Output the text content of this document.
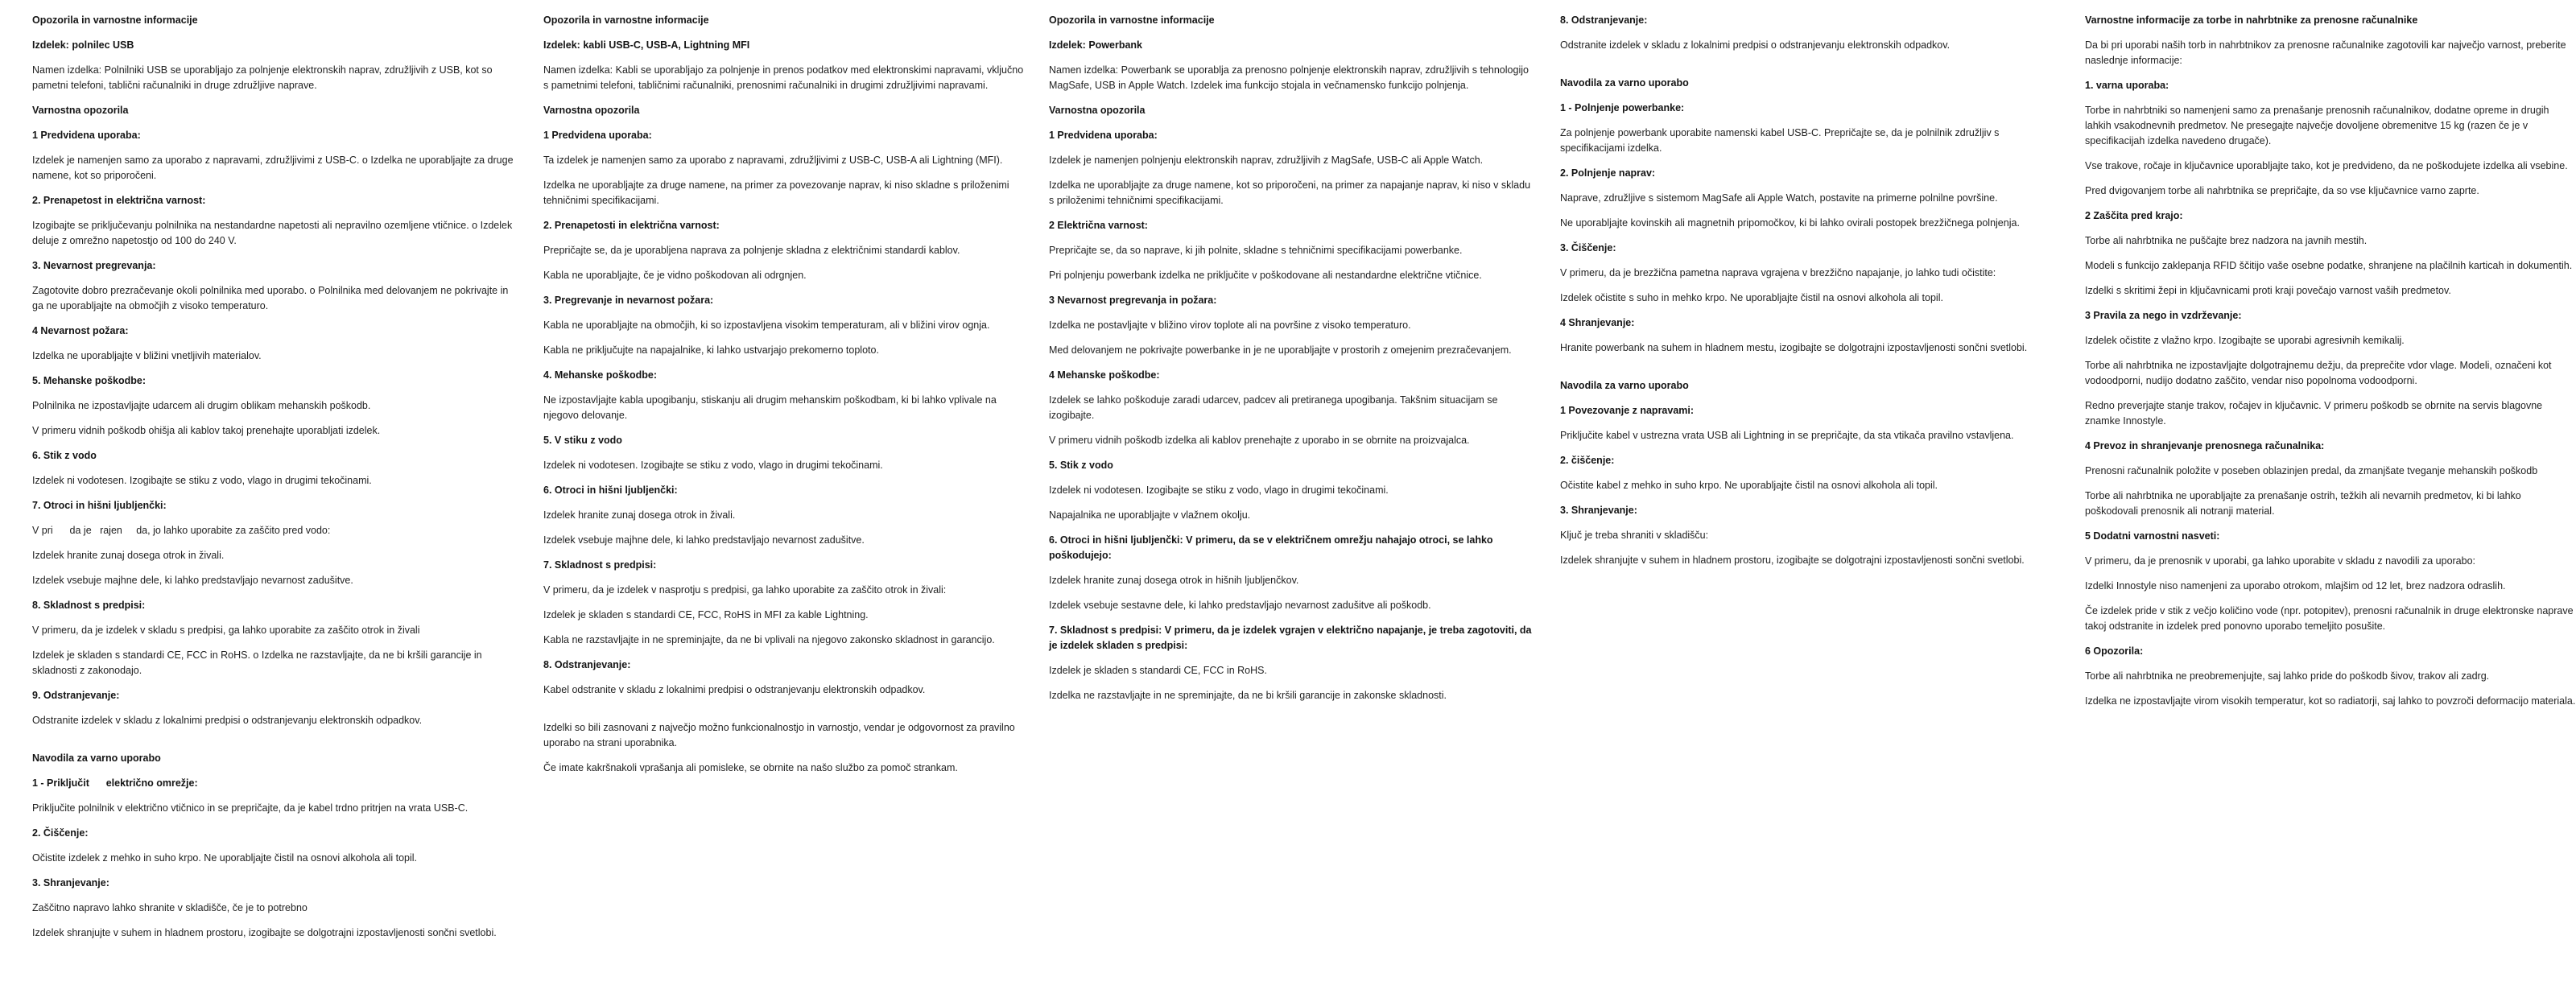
Opozorila in varnostne informacije

Izdelek: polnilec USB

Namen izdelka: Polnilniki USB se uporabljajo za polnjenje elektronskih naprav, združljivih z USB, kot so pametni telefoni, tablični računalniki in druge združljive naprave.

Varnostna opozorila

1 Predvidena uporaba:

Izdelek je namenjen samo za uporabo z napravami, združljivimi z USB-C. o Izdelka ne uporabljajte za druge namene, kot so priporočeni.

2. Prenapetost in električna varnost:

Izogibajte se priključevanju polnilnika na nestandardne napetosti ali nepravilno ozemljene vtičnice. o Izdelek deluje z omrežno napetostjo od 100 do 240 V.

3. Nevarnost pregrevanja:

Zagotovite dobro prezračevanje okoli polnilnika med uporabo. o Polnilnika med delovanjem ne pokrivajte in ga ne uporabljajte na območjih z visoko temperaturo.

4 Nevarnost požara:

Izdelka ne uporabljajte v bližini vnetljivih materialov.

5. Mehanske poškodbe:

Polnilnika ne izpostavljajte udarcem ali drugim oblikam mehanskih poškodb.

V primeru vidnih poškodb ohišja ali kablov takoj prenehajte uporabljati izdelek.

6. Stik z vodo

Izdelek ni vodotesen. Izogibajte se stiku z vodo, vlago in drugimi tekočinami.

7. Otroci in hišni ljubljenčki:

V pri      da je   rajen     da, jo lahko uporabite za zaščito pred vodo:

Izdelek hranite zunaj dosega otrok in živali.

Izdelek vsebuje majhne dele, ki lahko predstavljajo nevarnost zadušitve.

8. Skladnost s predpisi:

V primeru, da je izdelek v skladu s predpisi, ga lahko uporabite za zaščito otrok in živali

Izdelek je skladen s standardi CE, FCC in RoHS. o Izdelka ne razstavljajte, da ne bi kršili garancije in skladnosti z zakonodajo.

9. Odstranjevanje:

Odstranite izdelek v skladu z lokalnimi predpisi o odstranjevanju elektronskih odpadkov.

Navodila za varno uporabo

1 - Priključit      električno omrežje:

Priključite polnilnik v električno vtičnico in se prepričajte, da je kabel trdno pritrjen na vrata USB-C.

2. Čiščenje:

Očistite izdelek z mehko in suho krpo. Ne uporabljajte čistil na osnovi alkohola ali topil.

3. Shranjevanje:

Zaščitno napravo lahko shranite v skladišče, če je to potrebno

Izdelek shranjujte v suhem in hladnem prostoru, izogibajte se dolgotrajni izpostavljenosti sončni svetlobi.

Opozorila in varnostne informacije

Izdelek: kabli USB-C, USB-A, Lightning MFI

Namen izdelka: Kabli se uporabljajo za polnjenje in prenos podatkov med elektronskimi napravami, vključno s pametnimi telefoni, tabličnimi računalniki, prenosnimi računalniki in drugimi združljivimi napravami.

Varnostna opozorila

1 Predvidena uporaba:

Ta izdelek je namenjen samo za uporabo z napravami, združljivimi z USB-C, USB-A ali Lightning (MFI).

Izdelka ne uporabljajte za druge namene, na primer za povezovanje naprav, ki niso skladne s priloženimi tehničnimi specifikacijami.

2. Prenapetosti in električna varnost:

Prepričajte se, da je uporabljena naprava za polnjenje skladna z električnimi standardi kablov.

Kabla ne uporabljajte, če je vidno poškodovan ali odrgnjen.

3. Pregrevanje in nevarnost požara:

Kabla ne uporabljajte na območjih, ki so izpostavljena visokim temperaturam, ali v bližini virov ognja.

Kabla ne priključujte na napajalnike, ki lahko ustvarjajo prekomerno toploto.

4. Mehanske poškodbe:

Ne izpostavljajte kabla upogibanju, stiskanju ali drugim mehanskim poškodbam, ki bi lahko vplivale na njegovo delovanje.

5. V stiku z vodo

Izdelek ni vodotesen. Izogibajte se stiku z vodo, vlago in drugimi tekočinami.

6. Otroci in hišni ljubljenčki:

Izdelek hranite zunaj dosega otrok in živali.

Izdelek vsebuje majhne dele, ki lahko predstavljajo nevarnost zadušitve.

7. Skladnost s predpisi:

V primeru, da je izdelek v nasprotju s predpisi, ga lahko uporabite za zaščito otrok in živali:

Izdelek je skladen s standardi CE, FCC, RoHS in MFI za kable Lightning.

Kabla ne razstavljajte in ne spreminjajte, da ne bi vplivali na njegovo zakonsko skladnost in garancijo.

8. Odstranjevanje:

Kabel odstranite v skladu z lokalnimi predpisi o odstranjevanju elektronskih odpadkov.

Izdelki so bili zasnovani z največjo možno funkcionalnostjo in varnostjo, vendar je odgovornost za pravilno uporabo na strani uporabnika.

Če imate kakršnakoli vprašanja ali pomisleke, se obrnite na našo službo za pomoč strankam.

Opozorila in varnostne informacije

Izdelek: Powerbank

Namen izdelka: Powerbank se uporablja za prenosno polnjenje elektronskih naprav, združljivih s tehnologijo MagSafe, USB in Apple Watch. Izdelek ima funkcijo stojala in večnamensko funkcijo polnjenja.

Varnostna opozorila

1 Predvidena uporaba:

Izdelek je namenjen polnjenju elektronskih naprav, združljivih z MagSafe, USB-C ali Apple Watch.

Izdelka ne uporabljajte za druge namene, kot so priporočeni, na primer za napajanje naprav, ki niso v skladu s priloženimi tehničnimi specifikacijami.

2 Električna varnost:

Prepričajte se, da so naprave, ki jih polnite, skladne s tehničnimi specifikacijami powerbanke.

Pri polnjenju powerbank izdelka ne priključite v poškodovane ali nestandardne električne vtičnice.

3 Nevarnost pregrevanja in požara:

Izdelka ne postavljajte v bližino virov toplote ali na površine z visoko temperaturo.

Med delovanjem ne pokrivajte powerbanke in je ne uporabljajte v prostorih z omejenim prezračevanjem.

4 Mehanske poškodbe:

Izdelek se lahko poškoduje zaradi udarcev, padcev ali pretiranega upogibanja. Takšnim situacijam se izogibajte.

V primeru vidnih poškodb izdelka ali kablov prenehajte z uporabo in se obrnite na proizvajalca.

5. Stik z vodo

Izdelek ni vodotesen. Izogibajte se stiku z vodo, vlago in drugimi tekočinami.

Napajalnika ne uporabljajte v vlažnem okolju.

6. Otroci in hišni ljubljenčki: V primeru, da se v električnem omrežju nahajajo otroci, se lahko poškodujejo:

Izdelek hranite zunaj dosega otrok in hišnih ljubljenčkov.

Izdelek vsebuje sestavne dele, ki lahko predstavljajo nevarnost zadušitve ali poškodb.

7. Skladnost s predpisi: V primeru, da je izdelek vgrajen v električno napajanje, je treba zagotoviti, da je izdelek skladen s predpisi:

Izdelek je skladen s standardi CE, FCC in RoHS.

Izdelka ne razstavljajte in ne spreminjajte, da ne bi kršili garancije in zakonske skladnosti.

8. Odstranjevanje:

Odstranite izdelek v skladu z lokalnimi predpisi o odstranjevanju elektronskih odpadkov.

Navodila za varno uporabo

1 - Polnjenje powerbanke:

Za polnjenje powerbank uporabite namenski kabel USB-C. Prepričajte se, da je polnilnik združljiv s specifikacijami izdelka.

2. Polnjenje naprav:

Naprave, združljive s sistemom MagSafe ali Apple Watch, postavite na primerne polnilne površine.

Ne uporabljajte kovinskih ali magnetnih pripomočkov, ki bi lahko ovirali postopek brezžičnega polnjenja.

3. Čiščenje:

V primeru, da je brezžična pametna naprava vgrajena v brezžično napajanje, jo lahko tudi očistite:

Izdelek očistite s suho in mehko krpo. Ne uporabljajte čistil na osnovi alkohola ali topil.

4 Shranjevanje:

Hranite powerbank na suhem in hladnem mestu, izogibajte se dolgotrajni izpostavljenosti sončni svetlobi.

Navodila za varno uporabo

1 Povezovanje z napravami:

Priključite kabel v ustrezna vrata USB ali Lightning in se prepričajte, da sta vtikača pravilno vstavljena.

2. čiščenje:

Očistite kabel z mehko in suho krpo. Ne uporabljajte čistil na osnovi alkohola ali topil.

3. Shranjevanje:

Ključ je treba shraniti v skladišču:

Izdelek shranjujte v suhem in hladnem prostoru, izogibajte se dolgotrajni izpostavljenosti sončni svetlobi.

Varnostne informacije za torbe in nahrbtnike za prenosne računalnike

Da bi pri uporabi naših torb in nahrbtnikov za prenosne računalnike zagotovili kar največjo varnost, preberite naslednje informacije:

1. varna uporaba:

Torbe in nahrbtniki so namenjeni samo za prenašanje prenosnih računalnikov, dodatne opreme in drugih lahkih vsakodnevnih predmetov. Ne presegajte največje dovoljene obremenitve 15 kg (razen če je v specifikacijah izdelka navedeno drugače).

Vse trakove, ročaje in ključavnice uporabljajte tako, kot je predvideno, da ne poškodujete izdelka ali vsebine.

Pred dvigovanjem torbe ali nahrbtnika se prepričajte, da so vse ključavnice varno zaprte.

2 Zaščita pred krajo:

Torbe ali nahrbtnika ne puščajte brez nadzora na javnih mestih.

Modeli s funkcijo zaklepanja RFID ščitijo vaše osebne podatke, shranjene na plačilnih karticah in dokumentih.

Izdelki s skritimi žepi in ključavnicami proti kraji povečajo varnost vaših predmetov.

3 Pravila za nego in vzdrževanje:

Izdelek očistite z vlažno krpo. Izogibajte se uporabi agresivnih kemikalij.

Torbe ali nahrbtnika ne izpostavljajte dolgotrajnemu dežju, da preprečite vdor vlage. Modeli, označeni kot vodoodporni, nudijo dodatno zaščito, vendar niso popolnoma vodoodporni.

Redno preverjajte stanje trakov, ročajev in ključavnic. V primeru poškodb se obrnite na servis blagovne znamke Innostyle.

4 Prevoz in shranjevanje prenosnega računalnika:

Prenosni računalnik položite v poseben oblazinjen predal, da zmanjšate tveganje mehanskih poškodb

Torbe ali nahrbtnika ne uporabljajte za prenašanje ostrih, težkih ali nevarnih predmetov, ki bi lahko poškodovali prenosnik ali notranji material.

5 Dodatni varnostni nasveti:

V primeru, da je prenosnik v uporabi, ga lahko uporabite v skladu z navodili za uporabo:

Izdelki Innostyle niso namenjeni za uporabo otrokom, mlajšim od 12 let, brez nadzora odraslih.

Če izdelek pride v stik z večjo količino vode (npr. potopitev), prenosni računalnik in druge elektronske naprave takoj odstranite in izdelek pred ponovno uporabo temeljito posušite.

6 Opozorila:

Torbe ali nahrbtnika ne preobremenjujte, saj lahko pride do poškodb šivov, trakov ali zadrg.

Izdelka ne izpostavljajte virom visokih temperatur, kot so radiatorji, saj lahko to povzroči deformacijo materiala.
